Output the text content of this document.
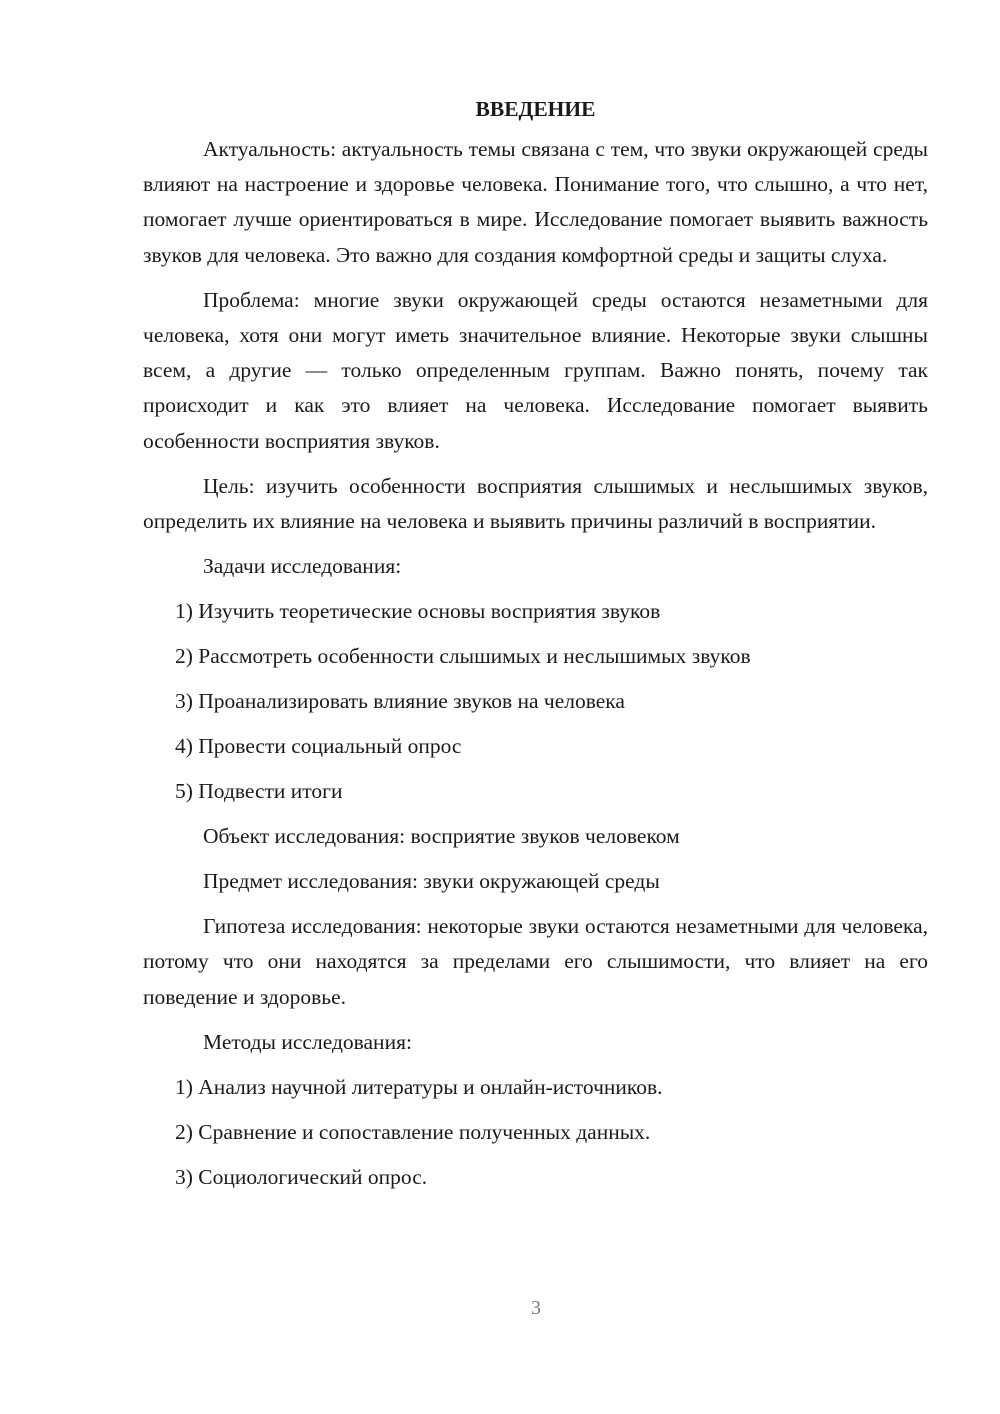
ВВЕДЕНИЕ

Актуальность: актуальность темы связана с тем, что звуки окружающей среды влияют на настроение и здоровье человека. Понимание того, что слышно, а что нет, помогает лучше ориентироваться в мире. Исследование помогает выявить важность звуков для человека. Это важно для создания комфортной среды и защиты слуха.

Проблема: многие звуки окружающей среды остаются незаметными для человека, хотя они могут иметь значительное влияние. Некоторые звуки слышны всем, а другие — только определенным группам. Важно понять, почему так происходит и как это влияет на человека. Исследование помогает выявить особенности восприятия звуков.

Цель: изучить особенности восприятия слышимых и неслышимых звуков, определить их влияние на человека и выявить причины различий в восприятии.

Задачи исследования:
1) Изучить теоретические основы восприятия звуков
2) Рассмотреть особенности слышимых и неслышимых звуков
3) Проанализировать влияние звуков на человека
4) Провести социальный опрос
5) Подвести итоги
Объект исследования: восприятие звуков человеком
Предмет исследования: звуки окружающей среды

Гипотеза исследования: некоторые звуки остаются незаметными для человека, потому что они находятся за пределами его слышимости, что влияет на его поведение и здоровье.

Методы исследования:
1) Анализ научной литературы и онлайн-источников.
2) Сравнение и сопоставление полученных данных.
3) Социологический опрос.
3
